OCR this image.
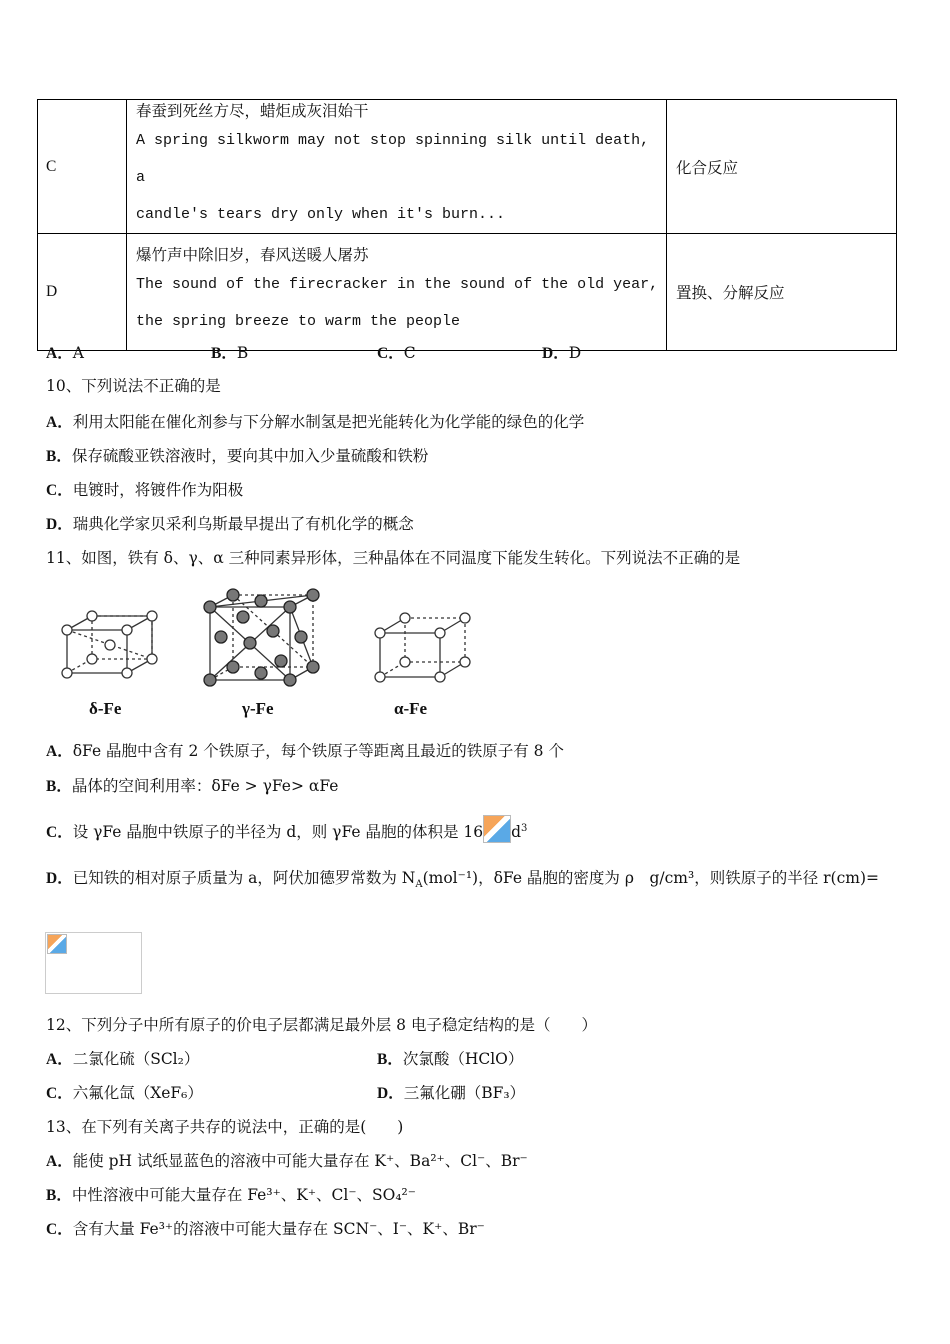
C	春蚕到死丝方尽，蜡炬成灰泪始干
A spring silkworm may not stop spinning silk until death, a
candle's tears dry only when it's burn...	化合反应
D	爆竹声中除旧岁，春风送暖人屠苏
The sound of the firecracker in the sound of the old year,
the spring breeze to warm the people	置换、分解反应
A．A	B．B	C．C	D．D
10、下列说法不正确的是
A．利用太阳能在催化剂参与下分解水制氢是把光能转化为化学能的绿色的化学
B．保存硫酸亚铁溶液时，要向其中加入少量硫酸和铁粉
C．电镀时，将镀件作为阳极
D．瑞典化学家贝采利乌斯最早提出了有机化学的概念
11、如图，铁有 δ、γ、α 三种同素异形体，三种晶体在不同温度下能发生转化。下列说法不正确的是
δ-Fe	γ-Fe	α-Fe
A．δFe 晶胞中含有 2 个铁原子，每个铁原子等距离且最近的铁原子有 8 个
B．晶体的空间利用率：δFe > γFe> αFe
C．设 γFe 晶胞中铁原子的半径为 d，则 γFe 晶胞的体积是 16 $d^3$
D．已知铁的相对原子质量为 a，阿伏加德罗常数为 $N_A(mol^{-1})$，δFe 晶胞的密度为 ρ　g/cm³，则铁原子的半径 r(cm)=
12、下列分子中所有原子的价电子层都满足最外层 8 电子稳定结构的是（　　）
A．二氯化硫（SCl₂）	B．次氯酸（HClO）
C．六氟化氙（XeF₆）	D．三氟化硼（BF₃）
13、在下列有关离子共存的说法中，正确的是(　　)
A．能使 pH 试纸显蓝色的溶液中可能大量存在 K⁺、Ba²⁺、Cl⁻、Br⁻
B．中性溶液中可能大量存在 Fe³⁺、K⁺、Cl⁻、SO₄²⁻
C．含有大量 Fe³⁺的溶液中可能大量存在 SCN⁻、I⁻、K⁺、Br⁻
